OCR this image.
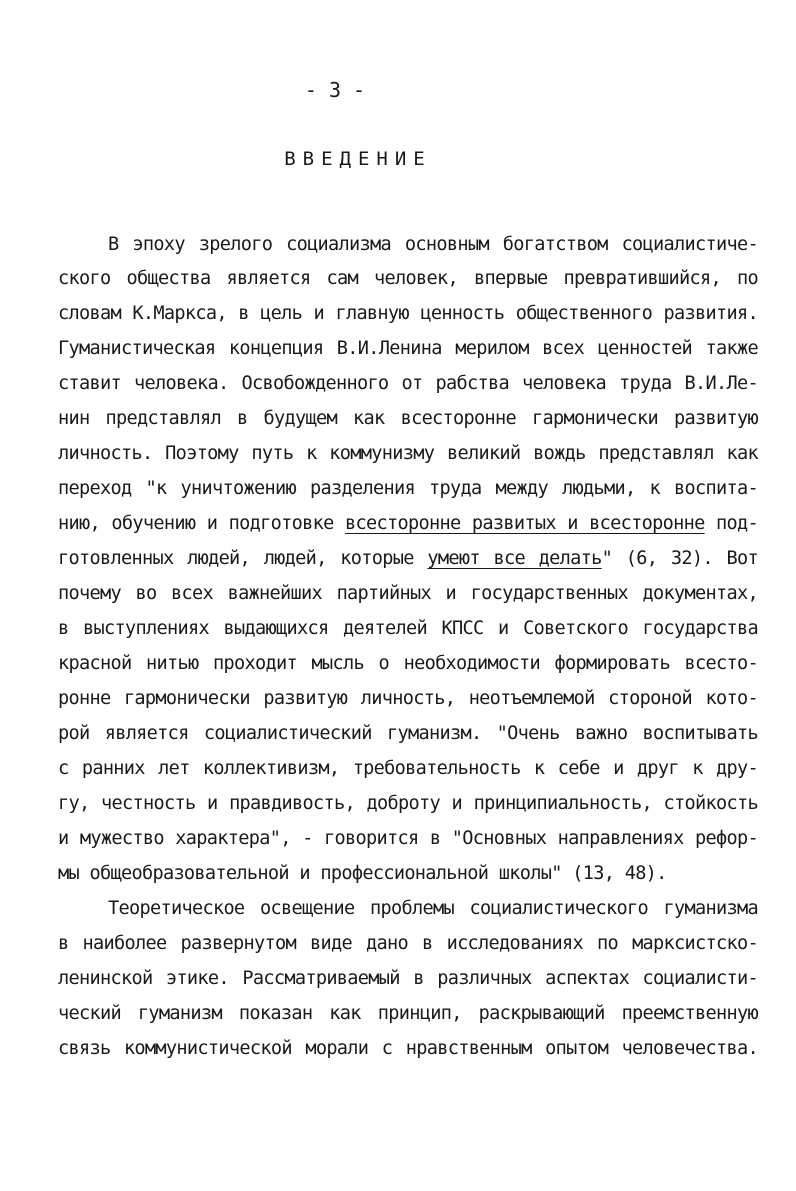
- 3 -
ВВЕДЕНИЕ
В эпоху зрелого социализма основным богатством социалистиче-
ского общества является сам человек, впервые превратившийся, по
словам К.Маркса, в цель и главную ценность общественного развития.
Гуманистическая концепция В.И.Ленина мерилом всех ценностей также
ставит человека. Освобожденного от рабства человека труда В.И.Ле-
нин представлял в будущем как всесторонне гармонически развитую
личность. Поэтому путь к коммунизму великий вождь представлял как
переход "к уничтожению разделения труда между людьми, к воспита-
нию, обучению и подготовке всесторонне развитых и всесторонне под-
готовленных людей, людей, которые умеют все делать" (6, 32). Вот
почему во всех важнейших партийных и государственных документах,
в выступлениях выдающихся деятелей КПСС и Советского государства
красной нитью проходит мысль о необходимости формировать всесто-
ронне гармонически развитую личность, неотъемлемой стороной кото-
рой является социалистический гуманизм. "Очень важно воспитывать
с ранних лет коллективизм, требовательность к себе и друг к дру-
гу, честность и правдивость, доброту и принципиальность, стойкость
и мужество характера", - говорится в "Основных направлениях рефор-
мы общеобразовательной и профессиональной школы" (13, 48).
Теоретическое освещение проблемы социалистического гуманизма
в наиболее развернутом виде дано в исследованиях по марксистско-
ленинской этике. Рассматриваемый в различных аспектах социалисти-
ческий гуманизм показан как принцип, раскрывающий преемственную
связь коммунистической морали с нравственным опытом человечества.
